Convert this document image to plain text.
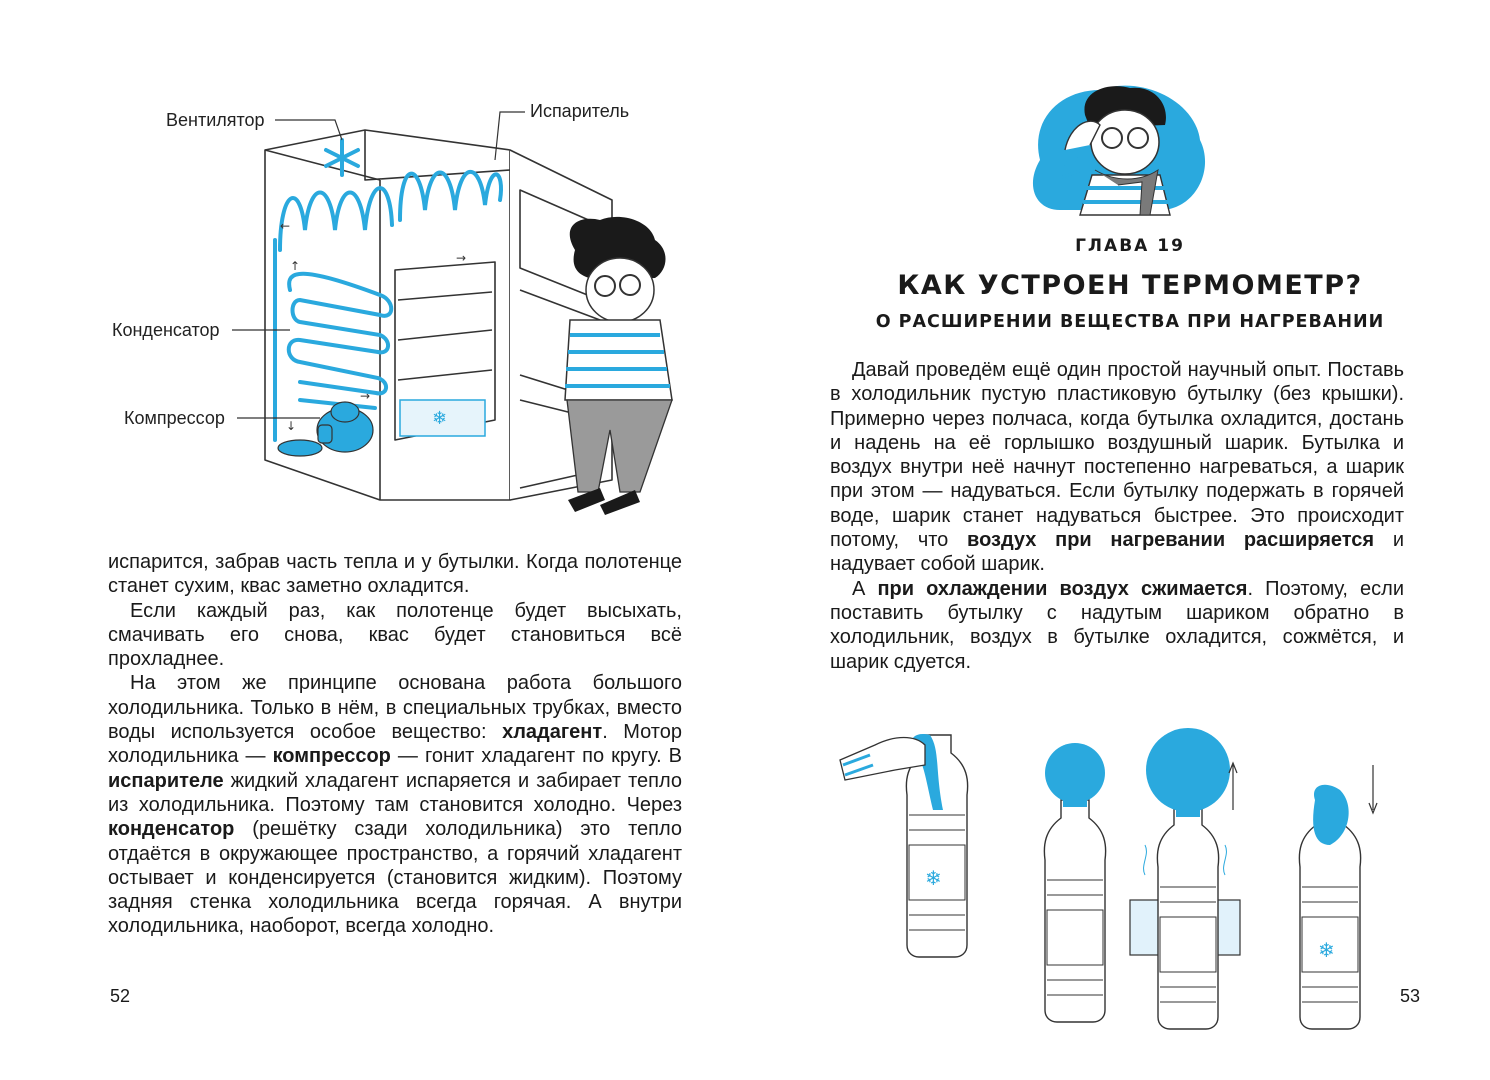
❄
←
↑
→
→
↓
Вентилятор	Испаритель
Конденсатор
Компрессор

испарится, забрав часть тепла и у бутылки. Когда полотенце станет сухим, квас заметно охладится.

Если каждый раз, как полотенце будет высыхать, смачивать его снова, квас будет становиться всё прохладнее.

На этом же принципе основана работа большого холодильника. Только в нём, в специальных трубках, вместо воды используется особое вещество: хладагент. Мотор холодильника — компрессор — гонит хладагент по кругу. В испарителе жидкий хладагент испаряется и забирает тепло из холодильника. Поэтому там становится холодно. Через конденсатор (решётку сзади холодильника) это тепло отдаётся в окружающее пространство, а горячий хладагент остывает и конденсируется (становится жидким). Поэтому задняя стенка холодильника всегда горячая. А внутри холодильника, наоборот, всегда холодно.

52
ГЛАВА 19
КАК УСТРОЕН ТЕРМОМЕТР?
О РАСШИРЕНИИ ВЕЩЕСТВА ПРИ НАГРЕВАНИИ

Давай проведём ещё один простой научный опыт. Поставь в холодильник пустую пластиковую бутылку (без крышки). Примерно через полчаса, когда бутылка охладится, достань и надень на её горлышко воздушный шарик. Бутылка и воздух внутри неё начнут постепенно нагреваться, а шарик при этом — надуваться. Если бутылку подержать в горячей воде, шарик станет надуваться быстрее. Это происходит потому, что воздух при нагревании расширяется и надувает собой шарик.

А при охлаждении воздух сжимается. Поэтому, если поставить бутылку с надутым шариком обратно в холодильник, воздух в бутылке охладится, сожмётся, и шарик сдуется.

❄
❄
53
